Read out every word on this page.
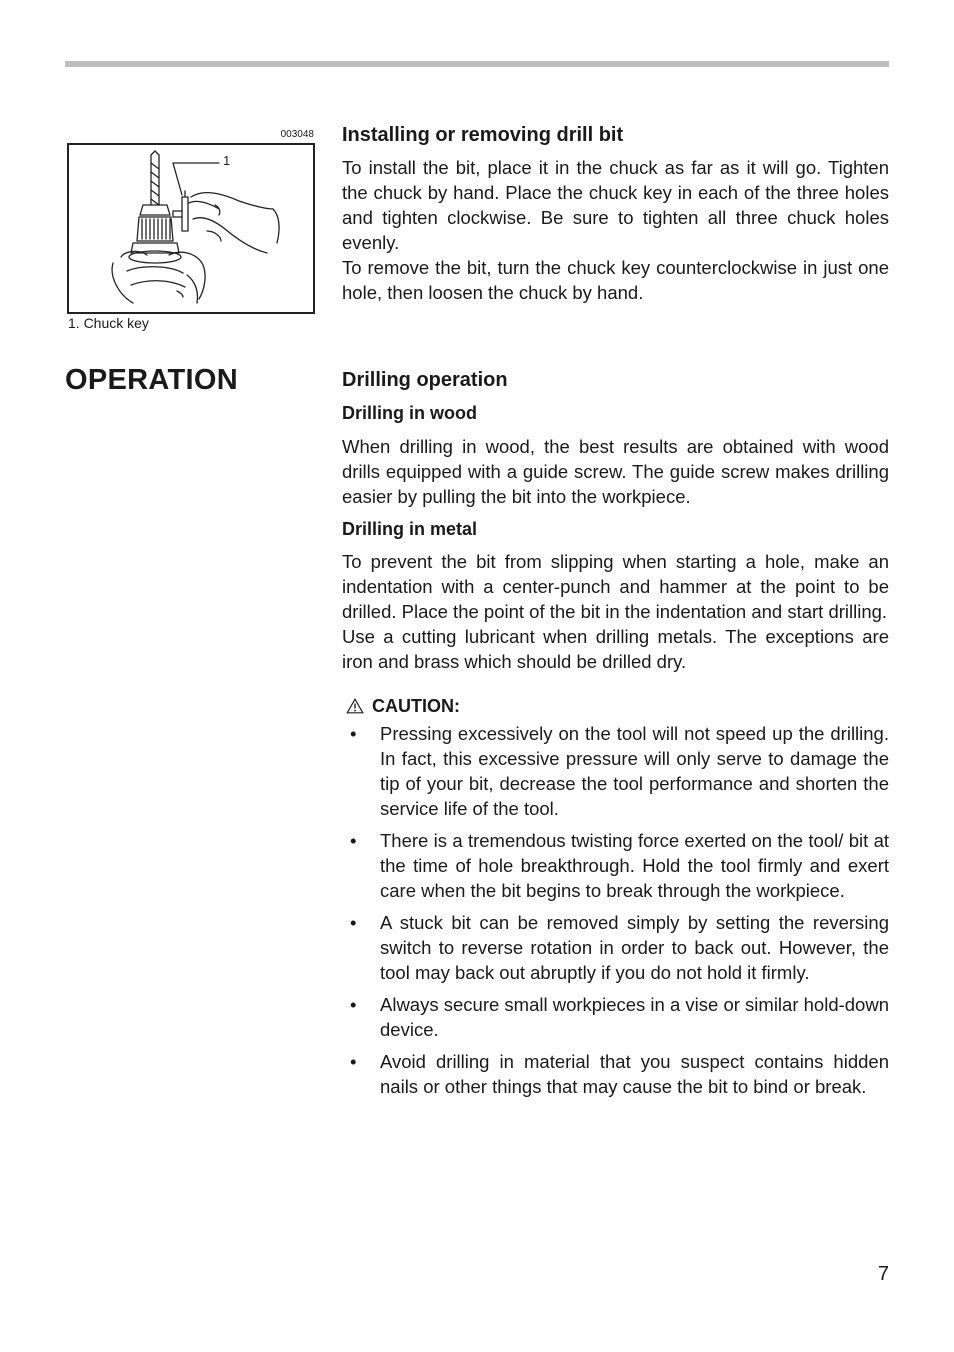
003048
1
1. Chuck key
OPERATION
Installing or removing drill bit

To install the bit, place it in the chuck as far as it will go. Tighten the chuck by hand. Place the chuck key in each of the three holes and tighten clockwise. Be sure to tighten all three chuck holes evenly.

To remove the bit, turn the chuck key counterclockwise in just one hole, then loosen the chuck by hand.

Drilling operation
Drilling in wood

When drilling in wood, the best results are obtained with wood drills equipped with a guide screw. The guide screw makes drilling easier by pulling the bit into the workpiece.

Drilling in metal

To prevent the bit from slipping when starting a hole, make an indentation with a center-punch and hammer at the point to be drilled. Place the point of the bit in the indentation and start drilling.

Use a cutting lubricant when drilling metals. The exceptions are iron and brass which should be drilled dry.

CAUTION:
•	Pressing excessively on the tool will not speed up the drilling. In fact, this excessive pressure will only serve to damage the tip of your bit, decrease the tool performance and shorten the service life of the tool.
•	There is a tremendous twisting force exerted on the tool/ bit at the time of hole breakthrough. Hold the tool firmly and exert care when the bit begins to break through the workpiece.
•	A stuck bit can be removed simply by setting the reversing switch to reverse rotation in order to back out. However, the tool may back out abruptly if you do not hold it firmly.
•	Always secure small workpieces in a vise or similar hold-down device.
•	Avoid drilling in material that you suspect contains hidden nails or other things that may cause the bit to bind or break.
7
